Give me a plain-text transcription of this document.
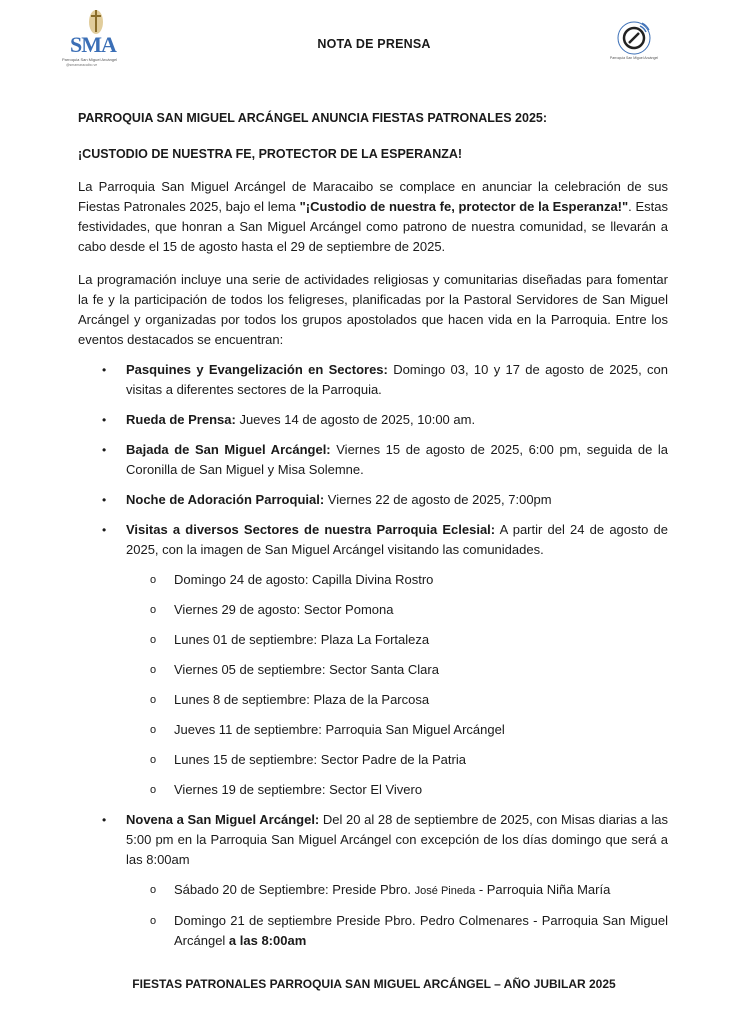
SMA
Parroquia San Miguel Arcángel
@smamaracaibo.ve
NOTA DE PRENSA
Parroquia San Miguel Arcángel

PARROQUIA SAN MIGUEL ARCÁNGEL ANUNCIA FIESTAS PATRONALES 2025:

¡CUSTODIO DE NUESTRA FE, PROTECTOR DE LA ESPERANZA!

La Parroquia San Miguel Arcángel de Maracaibo se complace en anunciar la celebración de sus Fiestas Patronales 2025, bajo el lema "¡Custodio de nuestra fe, protector de la Esperanza!". Estas festividades, que honran a San Miguel Arcángel como patrono de nuestra comunidad, se llevarán a cabo desde el 15 de agosto hasta el 29 de septiembre de 2025.

La programación incluye una serie de actividades religiosas y comunitarias diseñadas para fomentar la fe y la participación de todos los feligreses, planificadas por la Pastoral Servidores de San Miguel Arcángel y organizadas por todos los grupos apostolados que hacen vida en la Parroquia. Entre los eventos destacados se encuentran:

• Pasquines y Evangelización en Sectores: Domingo 03, 10 y 17 de agosto de 2025, con visitas a diferentes sectores de la Parroquia.
• Rueda de Prensa: Jueves 14 de agosto de 2025, 10:00 am.
• Bajada de San Miguel Arcángel: Viernes 15 de agosto de 2025, 6:00 pm, seguida de la Coronilla de San Miguel y Misa Solemne.
• Noche de Adoración Parroquial: Viernes 22 de agosto de 2025, 7:00pm
• Visitas a diversos Sectores de nuestra Parroquia Eclesial: A partir del 24 de agosto de 2025, con la imagen de San Miguel Arcángel visitando las comunidades.
o Domingo 24 de agosto: Capilla Divina Rostro
o Viernes 29 de agosto: Sector Pomona
o Lunes 01 de septiembre: Plaza La Fortaleza
o Viernes 05 de septiembre: Sector Santa Clara
o Lunes 8 de septiembre: Plaza de la Parcosa
o Jueves 11 de septiembre: Parroquia San Miguel Arcángel
o Lunes 15 de septiembre: Sector Padre de la Patria
o Viernes 19 de septiembre: Sector El Vivero
• Novena a San Miguel Arcángel: Del 20 al 28 de septiembre de 2025, con Misas diarias a las 5:00 pm en la Parroquia San Miguel Arcángel con excepción de los días domingo que será a las 8:00am
o Sábado 20 de Septiembre: Preside Pbro. José Pineda - Parroquia Niña María
o Domingo 21 de septiembre Preside Pbro. Pedro Colmenares - Parroquia San Miguel Arcángel a las 8:00am
FIESTAS PATRONALES PARROQUIA SAN MIGUEL ARCÁNGEL – AÑO JUBILAR 2025
